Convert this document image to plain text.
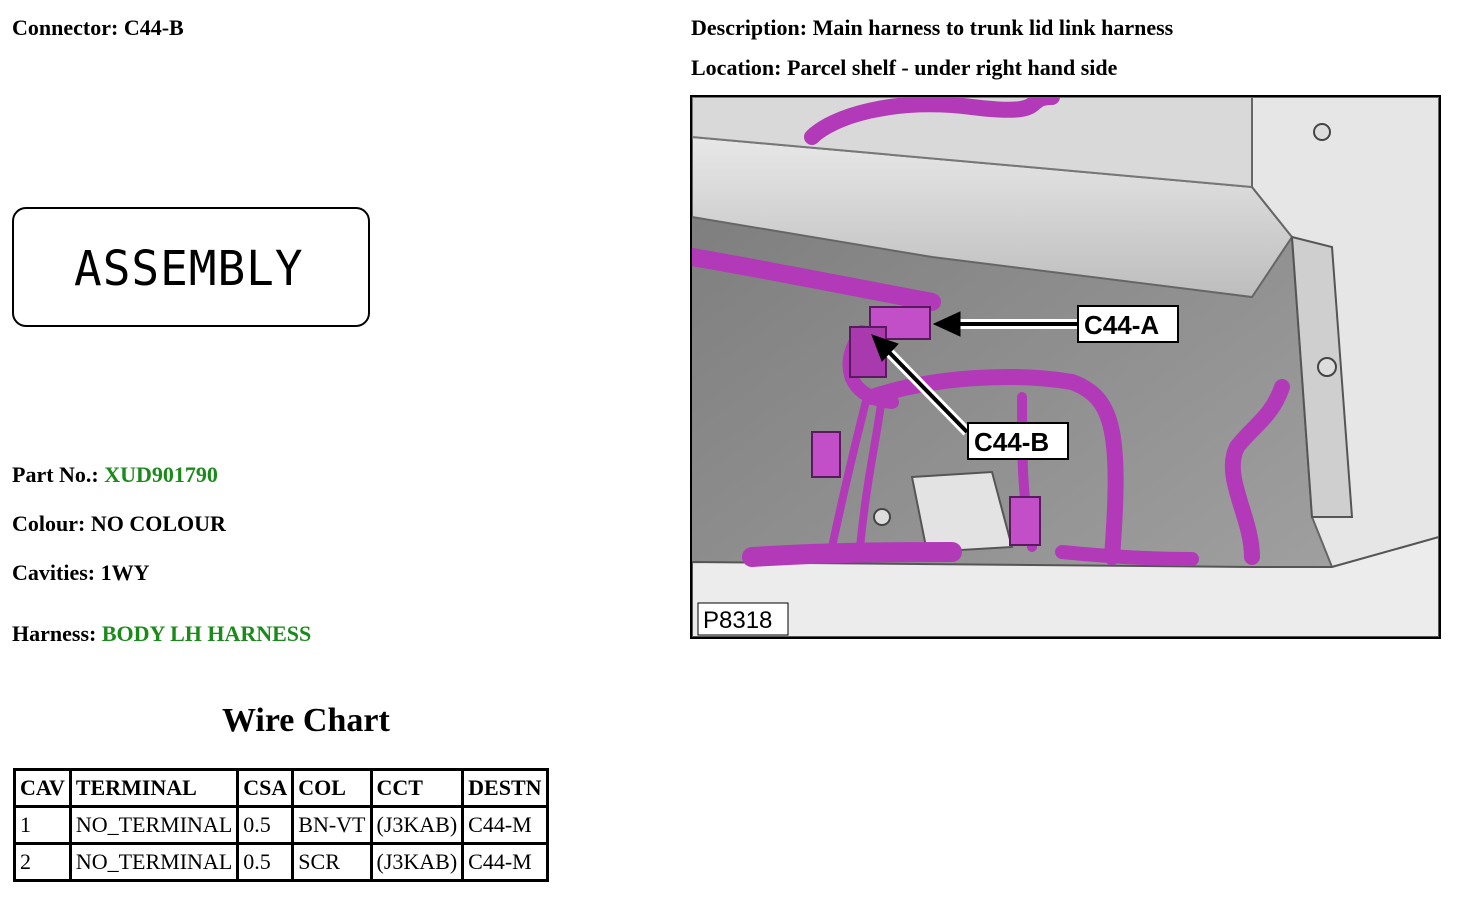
Connector: C44-B
ASSEMBLY
Part No.: XUD901790
Colour: NO COLOUR
Cavities: 1WY
Harness: BODY LH HARNESS
Wire Chart
CAV	TERMINAL	CSA	COL	CCT	DESTN
1	NO_TERMINAL	0.5	BN-VT	(J3KAB)	C44-M
2	NO_TERMINAL	0.5	SCR	(J3KAB)	C44-M
Description: Main harness to trunk lid link harness
Location: Parcel shelf - under right hand side
C44-A
C44-B
P8318
